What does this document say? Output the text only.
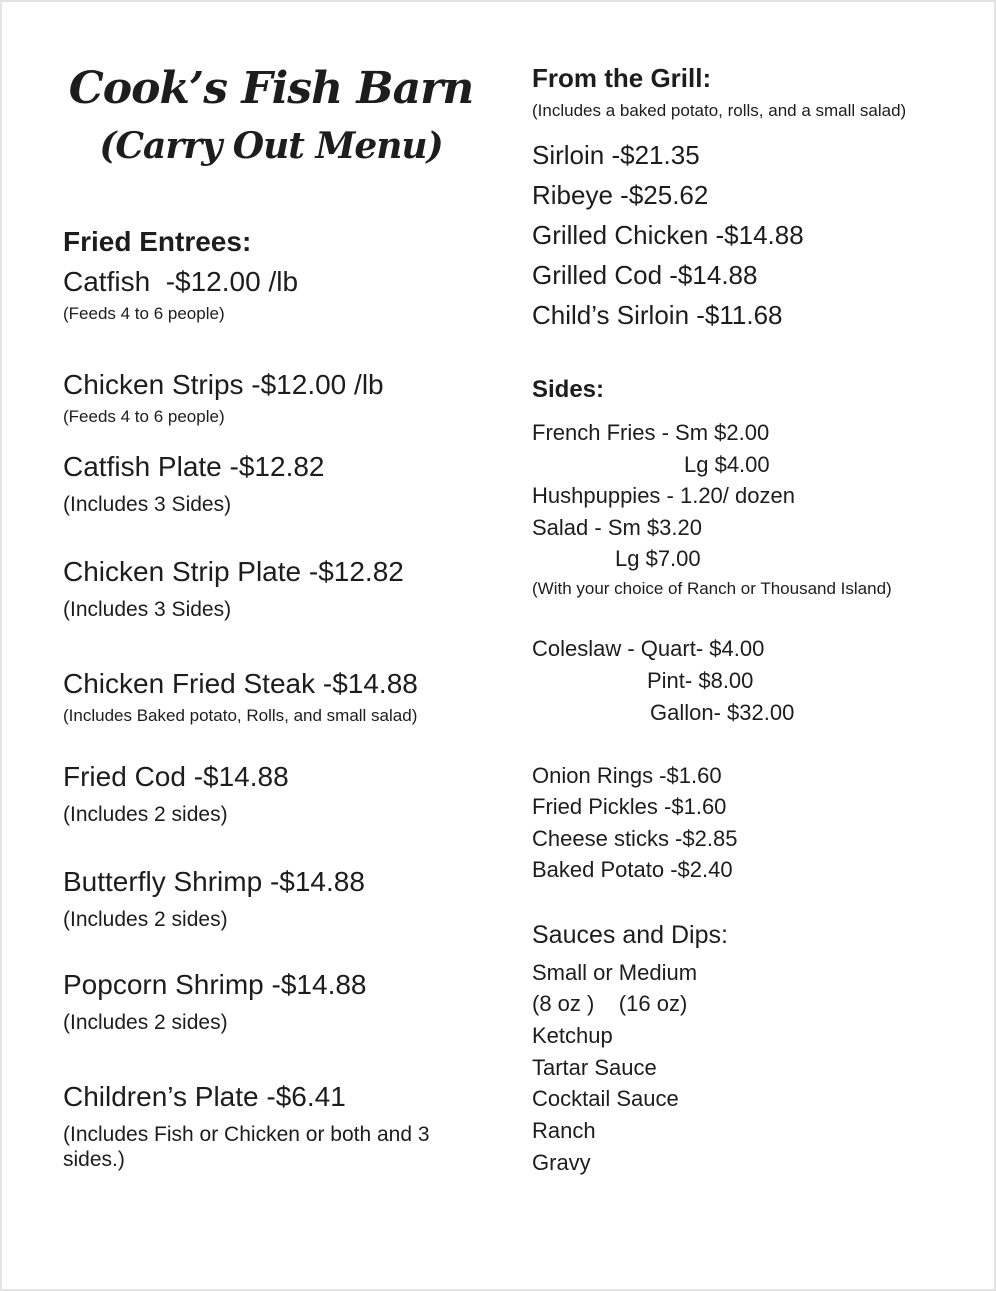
Cook’s Fish Barn
(Carry Out Menu)
Fried Entrees:
Catfish  -$12.00 /lb
(Feeds 4 to 6 people)
Chicken Strips -$12.00 /lb
(Feeds 4 to 6 people)
Catfish Plate -$12.82
(Includes 3 Sides)
Chicken Strip Plate -$12.82
(Includes 3 Sides)
Chicken Fried Steak -$14.88
(Includes Baked potato, Rolls, and small salad)
Fried Cod -$14.88
(Includes 2 sides)
Butterfly Shrimp -$14.88
(Includes 2 sides)
Popcorn Shrimp -$14.88
(Includes 2 sides)
Children’s Plate -$6.41
(Includes Fish or Chicken or both and 3 sides.)
From the Grill:
(Includes a baked potato, rolls, and a small salad)
Sirloin -$21.35
Ribeye -$25.62
Grilled Chicken -$14.88
Grilled Cod -$14.88
Child’s Sirloin -$11.68
Sides:
French Fries - Sm $2.00
Lg $4.00
Hushpuppies - 1.20/ dozen
Salad - Sm $3.20
Lg $7.00
(With your choice of Ranch or Thousand Island)
Coleslaw - Quart- $4.00
Pint- $8.00
Gallon- $32.00
Onion Rings -$1.60
Fried Pickles -$1.60
Cheese sticks -$2.85
Baked Potato -$2.40
Sauces and Dips:
Small or Medium
(8 oz )    (16 oz)
Ketchup
Tartar Sauce
Cocktail Sauce
Ranch
Gravy
